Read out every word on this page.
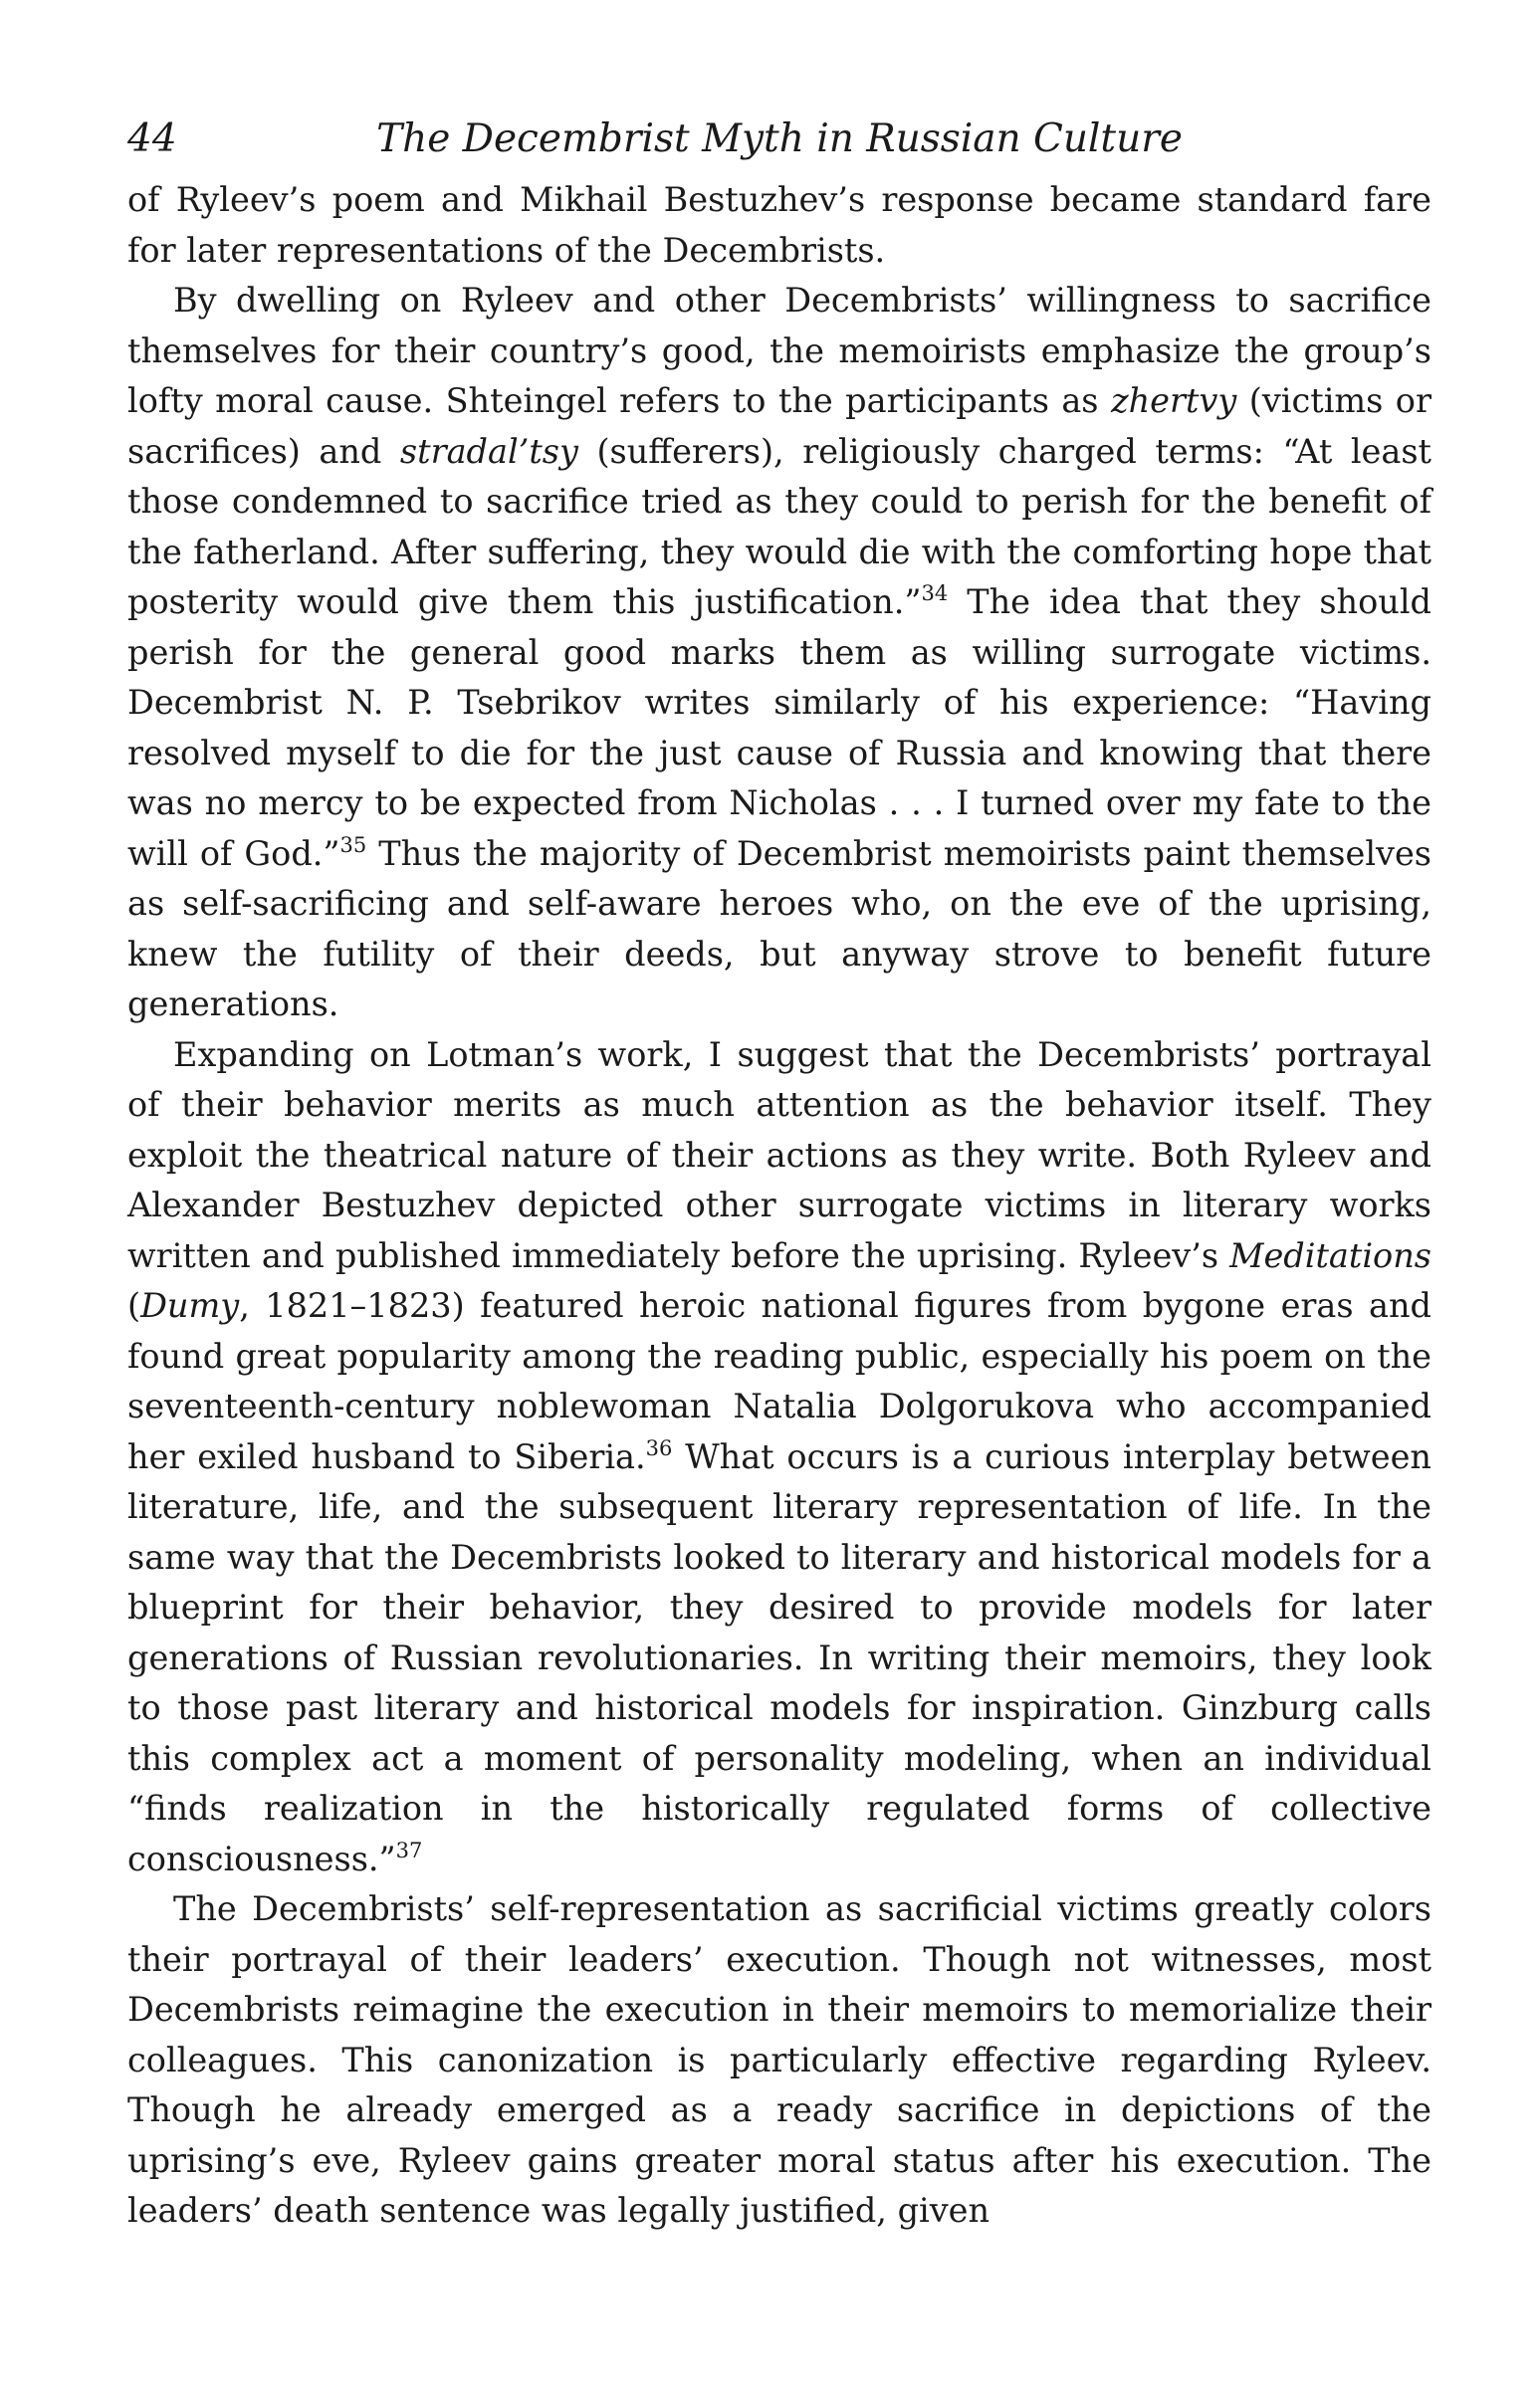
44	The Decembrist Myth in Russian Culture

of Ryleev’s poem and Mikhail Bestuzhev’s response became standard fare for later representations of the Decembrists.

By dwelling on Ryleev and other Decembrists’ willingness to sacrifice themselves for their country’s good, the memoirists emphasize the group’s lofty moral cause. Shteingel refers to the participants as zhertvy (victims or sacrifices) and stradal’tsy (sufferers), religiously charged terms: “At least those condemned to sacrifice tried as they could to perish for the benefit of the fatherland. After suffering, they would die with the comforting hope that posterity would give them this justification.”$^{34}$ The idea that they should perish for the general good marks them as willing surrogate victims. Decembrist N. P. Tsebrikov writes similarly of his experience: “Having resolved myself to die for the just cause of Russia and knowing that there was no mercy to be expected from Nicholas . . . I turned over my fate to the will of God.”$^{35}$ Thus the majority of Decembrist memoirists paint themselves as self-sacrificing and self-aware heroes who, on the eve of the uprising, knew the futility of their deeds, but anyway strove to benefit future generations.

Expanding on Lotman’s work, I suggest that the Decembrists’ portrayal of their behavior merits as much attention as the behavior itself. They exploit the theatrical nature of their actions as they write. Both Ryleev and Alexander Bestuzhev depicted other surrogate victims in literary works written and published immediately before the uprising. Ryleev’s Meditations (Dumy, 1821–1823) featured heroic national figures from bygone eras and found great popularity among the reading public, especially his poem on the seventeenth-century noblewoman Natalia Dolgorukova who accompanied her exiled husband to Siberia.$^{36}$ What occurs is a curious interplay between literature, life, and the subsequent literary representation of life. In the same way that the Decembrists looked to literary and historical models for a blueprint for their behavior, they desired to provide models for later generations of Russian revolutionaries. In writing their memoirs, they look to those past literary and historical models for inspiration. Ginzburg calls this complex act a moment of personality modeling, when an individual “finds realization in the historically regulated forms of collective consciousness.”$^{37}$

The Decembrists’ self-representation as sacrificial victims greatly colors their portrayal of their leaders’ execution. Though not witnesses, most Decembrists reimagine the execution in their memoirs to memorialize their colleagues. This canonization is particularly effective regarding Ryleev. Though he already emerged as a ready sacrifice in depictions of the uprising’s eve, Ryleev gains greater moral status after his execution. The leaders’ death sentence was legally justified, given
